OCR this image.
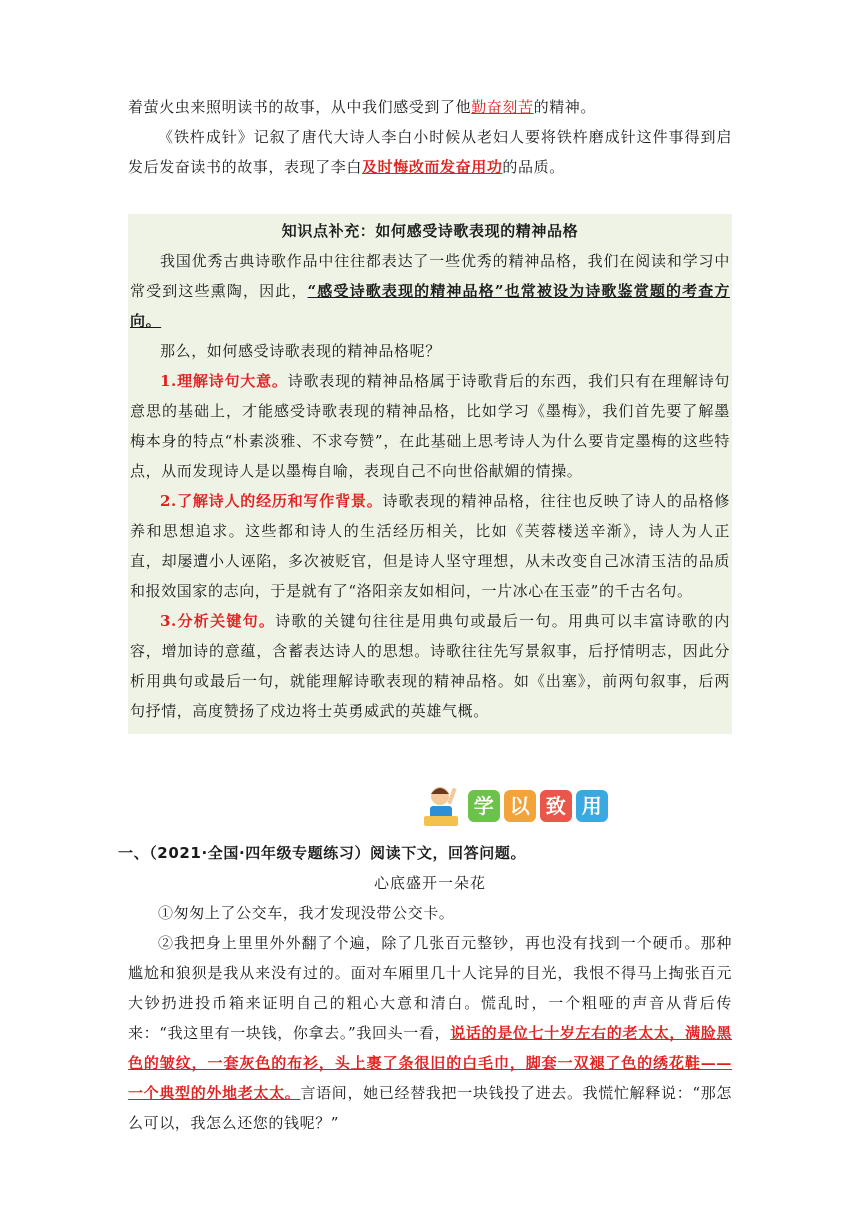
着萤火虫来照明读书的故事，从中我们感受到了他勤奋刻苦的精神。

《铁杵成针》记叙了唐代大诗人李白小时候从老妇人要将铁杵磨成针这件事得到启发后发奋读书的故事，表现了李白及时悔改而发奋用功的品质。

知识点补充：如何感受诗歌表现的精神品格

我国优秀古典诗歌作品中往往都表达了一些优秀的精神品格，我们在阅读和学习中常受到这些熏陶，因此，“感受诗歌表现的精神品格”也常被设为诗歌鉴赏题的考查方向。

那么，如何感受诗歌表现的精神品格呢？

1.理解诗句大意。诗歌表现的精神品格属于诗歌背后的东西，我们只有在理解诗句意思的基础上，才能感受诗歌表现的精神品格，比如学习《墨梅》，我们首先要了解墨梅本身的特点“朴素淡雅、不求夸赞”，在此基础上思考诗人为什么要肯定墨梅的这些特点，从而发现诗人是以墨梅自喻，表现自己不向世俗献媚的情操。

2.了解诗人的经历和写作背景。诗歌表现的精神品格，往往也反映了诗人的品格修养和思想追求。这些都和诗人的生活经历相关，比如《芙蓉楼送辛渐》，诗人为人正直，却屡遭小人诬陷，多次被贬官，但是诗人坚守理想，从未改变自己冰清玉洁的品质和报效国家的志向，于是就有了“洛阳亲友如相问，一片冰心在玉壶”的千古名句。

3.分析关键句。诗歌的关键句往往是用典句或最后一句。用典可以丰富诗歌的内容，增加诗的意蕴，含蓄表达诗人的思想。诗歌往往先写景叙事，后抒情明志，因此分析用典句或最后一句，就能理解诗歌表现的精神品格。如《出塞》，前两句叙事，后两句抒情，高度赞扬了戍边将士英勇威武的英雄气概。

学 以 致 用

一、（2021·全国·四年级专题练习）阅读下文，回答问题。

心底盛开一朵花

①匆匆上了公交车，我才发现没带公交卡。

②我把身上里里外外翻了个遍，除了几张百元整钞，再也没有找到一个硬币。那种尴尬和狼狈是我从来没有过的。面对车厢里几十人诧异的目光，我恨不得马上掏张百元大钞扔进投币箱来证明自己的粗心大意和清白。慌乱时，一个粗哑的声音从背后传来：“我这里有一块钱，你拿去。”我回头一看，说话的是位七十岁左右的老太太，满脸黑色的皱纹，一套灰色的布衫，头上裹了条很旧的白毛巾，脚套一双褪了色的绣花鞋——一个典型的外地老太太。言语间，她已经替我把一块钱投了进去。我慌忙解释说：“那怎么可以，我怎么还您的钱呢？”
